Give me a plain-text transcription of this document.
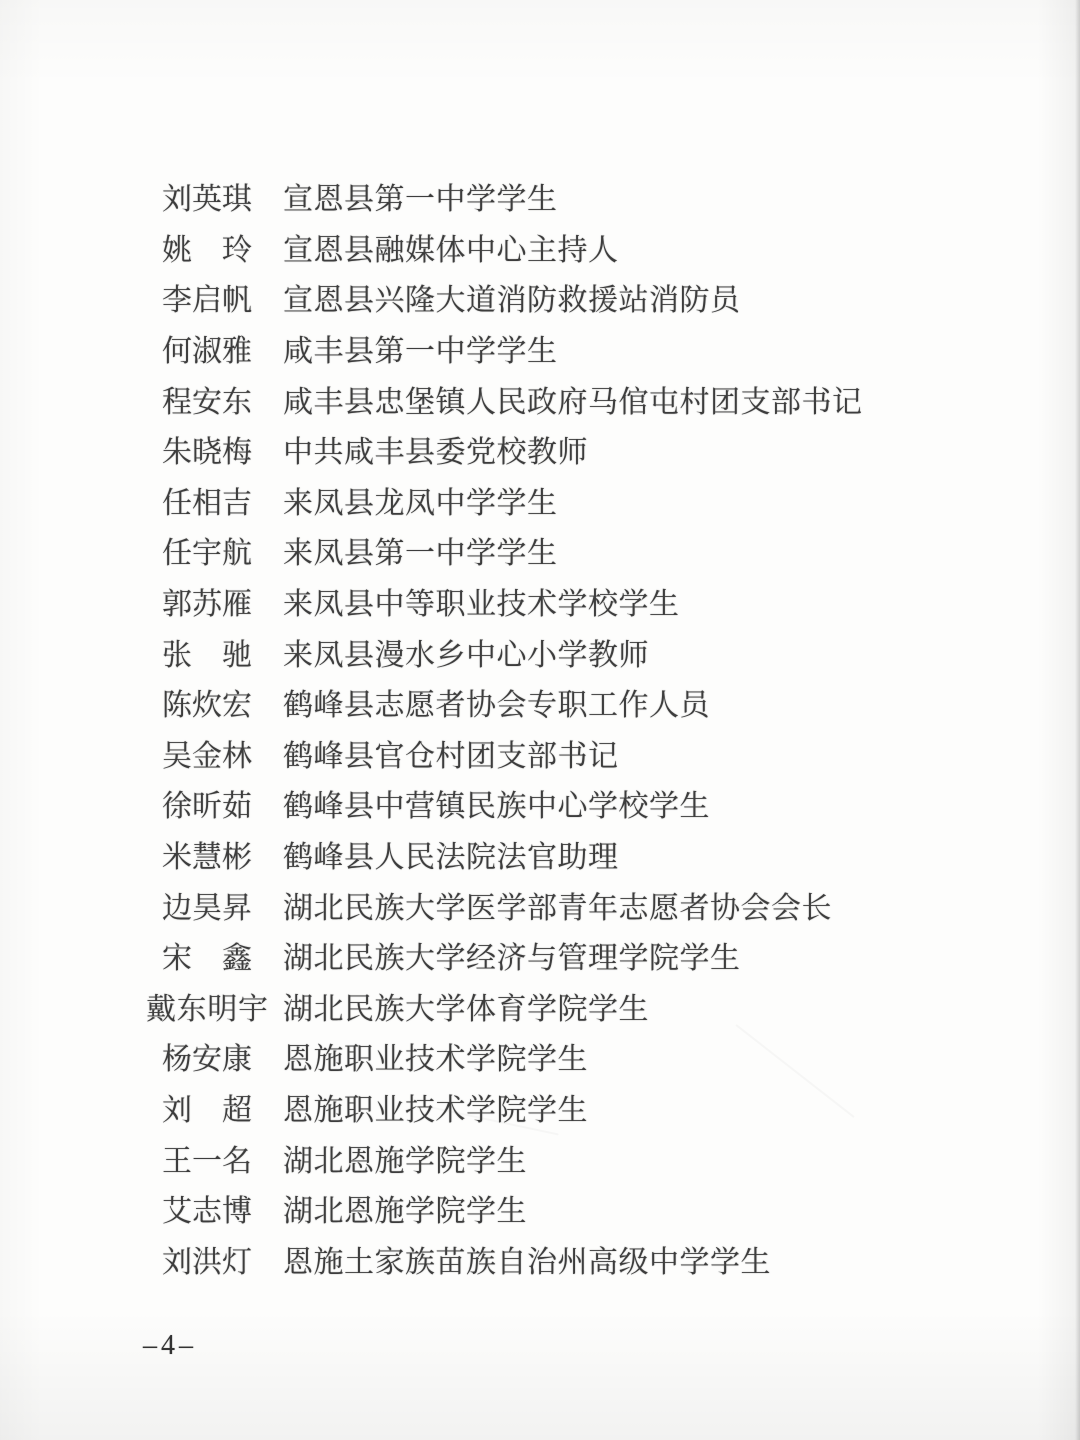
刘 英 琪 宣恩县第一中学学生
姚 玲 宣恩县融媒体中心主持人
李 启 帆 宣恩县兴隆大道消防救援站消防员
何 淑 雅 咸丰县第一中学学生
程 安 东 咸丰县忠堡镇人民政府马倌屯村团支部书记
朱 晓 梅 中共咸丰县委党校教师
任 相 吉 来凤县龙凤中学学生
任 宇 航 来凤县第一中学学生
郭 苏 雁 来凤县中等职业技术学校学生
张 驰 来凤县漫水乡中心小学教师
陈 炊 宏 鹤峰县志愿者协会专职工作人员
吴 金 林 鹤峰县官仓村团支部书记
徐 昕 茹 鹤峰县中营镇民族中心学校学生
米 慧 彬 鹤峰县人民法院法官助理
边 昊 昇 湖北民族大学医学部青年志愿者协会会长
宋 鑫 湖北民族大学经济与管理学院学生
戴 东 明 宇 湖北民族大学体育学院学生
杨 安 康 恩施职业技术学院学生
刘 超 恩施职业技术学院学生
王 一 名 湖北恩施学院学生
艾 志 博 湖北恩施学院学生
刘 洪 灯 恩施土家族苗族自治州高级中学学生
–4–
